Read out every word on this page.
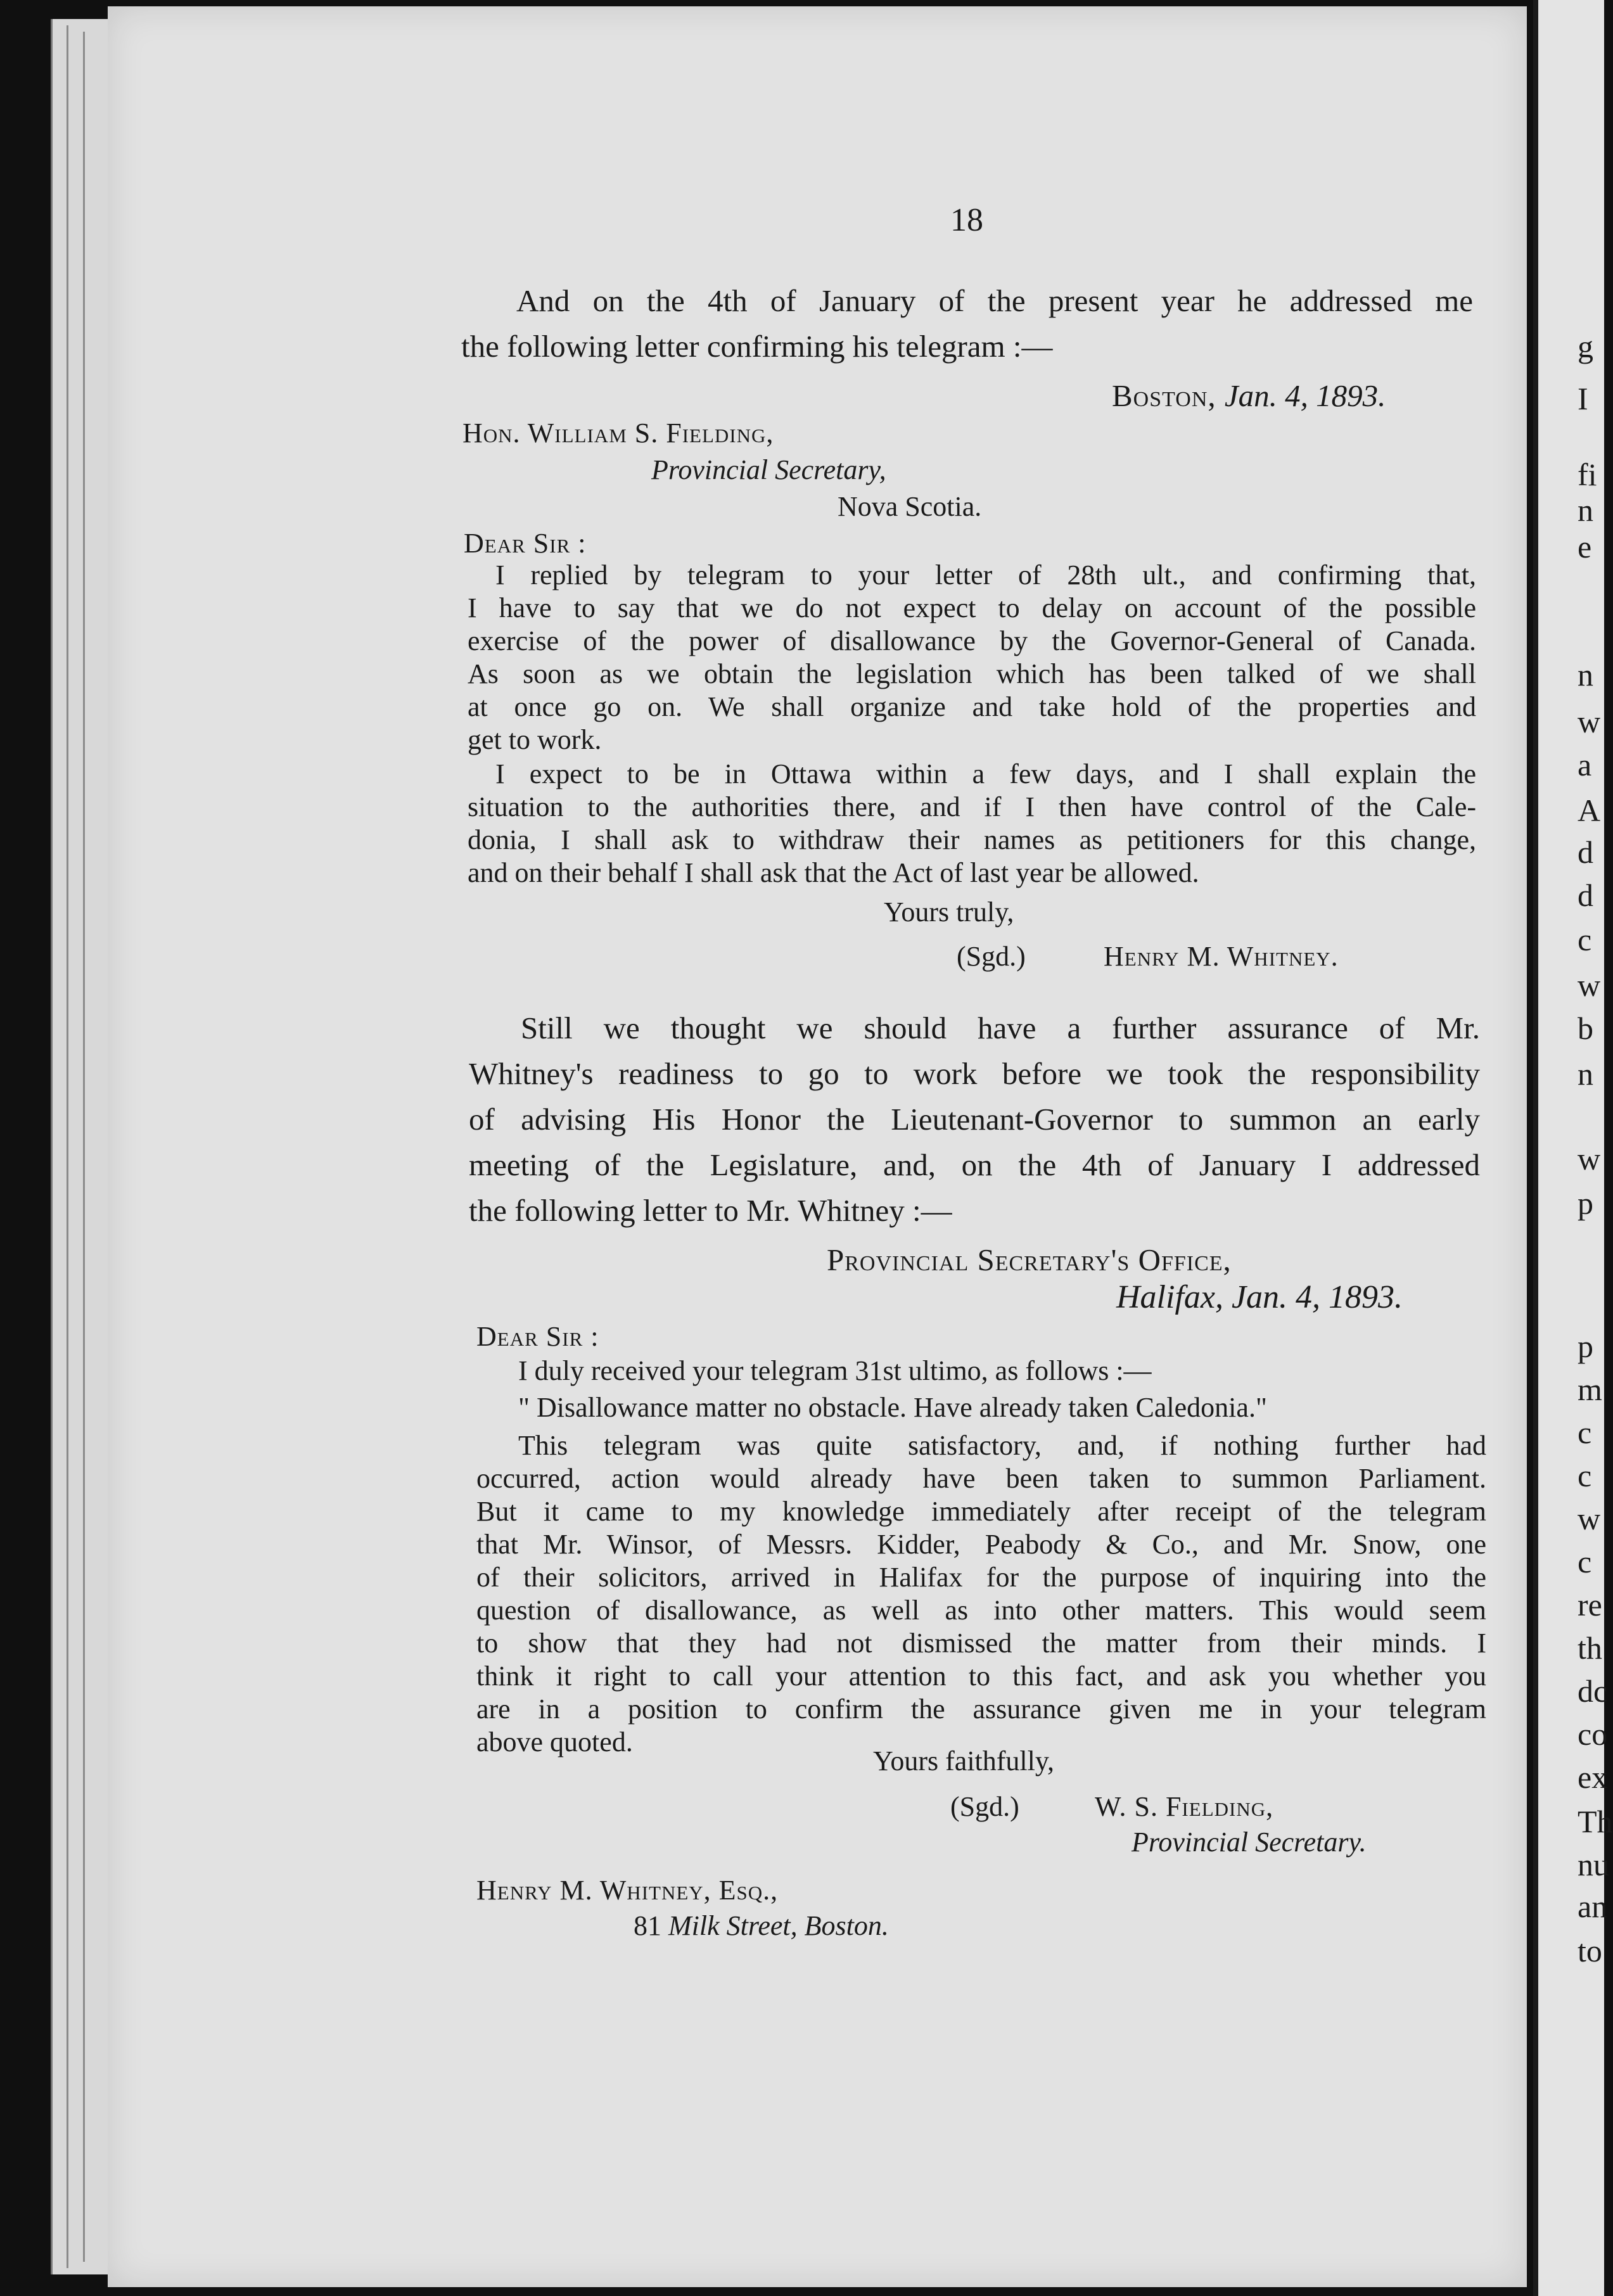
g
I
fi
n
e
n
w
a
A
d
d
c
w
b
n
w
p
p
m
c
c
w
c
re
th
dc
co
ex
Th
nu
an
to
18
And on the 4th of January of the present year he addressed me
the following letter confirming his telegram :—
Boston, Jan. 4, 1893.
Hon. William S. Fielding,
Provincial Secretary,
Nova Scotia.
Dear Sir :
I replied by telegram to your letter of 28th ult., and confirming that,
I have to say that we do not expect to delay on account of the possible
exercise of the power of disallowance by the Governor-General of Canada.
As soon as we obtain the legislation which has been talked of we shall
at once go on. We shall organize and take hold of the properties and
get to work.
I expect to be in Ottawa within a few days, and I shall explain the
situation to the authorities there, and if I then have control of the Cale-
donia, I shall ask to withdraw their names as petitioners for this change,
and on their behalf I shall ask that the Act of last year be allowed.
Yours truly,
(Sgd.)	Henry M. Whitney.
Still we thought we should have a further assurance of Mr.
Whitney's readiness to go to work before we took the responsibility
of advising His Honor the Lieutenant-Governor to summon an early
meeting of the Legislature, and, on the 4th of January I addressed
the following letter to Mr. Whitney :—
Provincial Secretary's Office,
Halifax, Jan. 4, 1893.
Dear Sir :
I duly received your telegram 31st ultimo, as follows :—
" Disallowance matter no obstacle. Have already taken Caledonia."
This telegram was quite satisfactory, and, if nothing further had
occurred, action would already have been taken to summon Parliament.
But it came to my knowledge immediately after receipt of the telegram
that Mr. Winsor, of Messrs. Kidder, Peabody & Co., and Mr. Snow, one
of their solicitors, arrived in Halifax for the purpose of inquiring into the
question of disallowance, as well as into other matters. This would seem
to show that they had not dismissed the matter from their minds. I
think it right to call your attention to this fact, and ask you whether you
are in a position to confirm the assurance given me in your telegram
above quoted.
Yours faithfully,
(Sgd.)	W. S. Fielding,
Provincial Secretary.
Henry M. Whitney, Esq.,
81 Milk Street, Boston.
